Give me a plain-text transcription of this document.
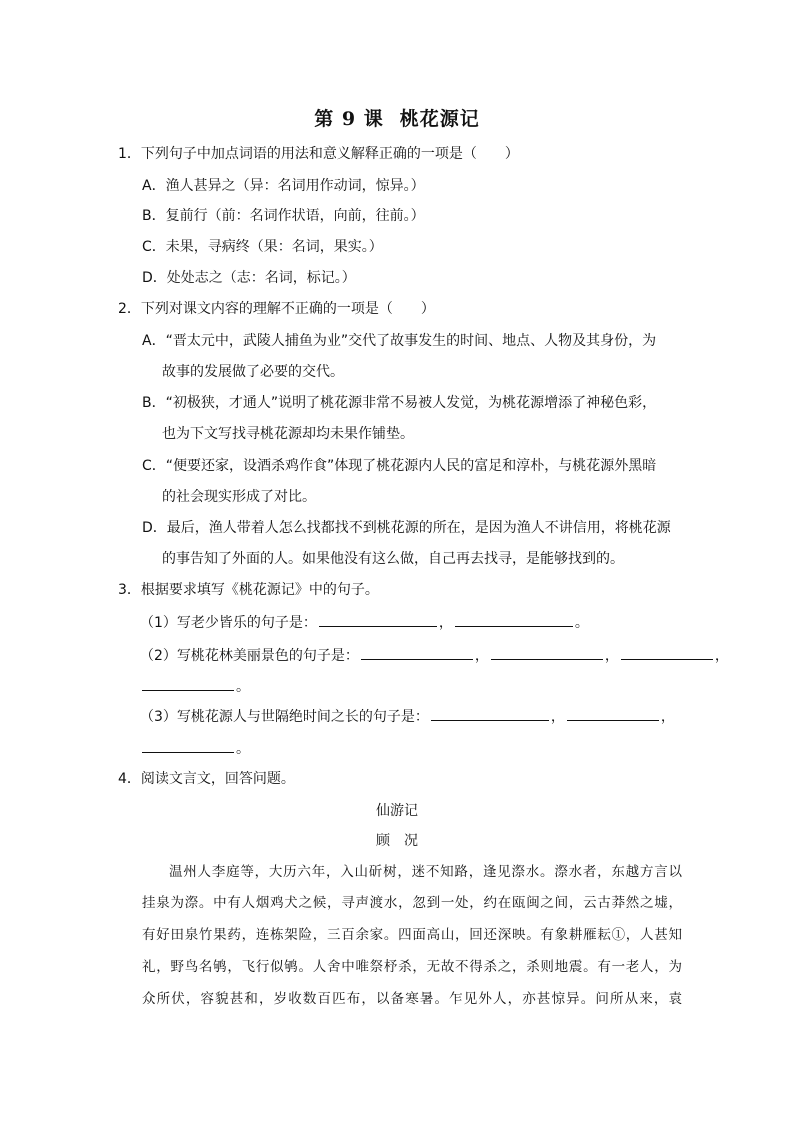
第 9 课 桃花源记
1．下列句子中加点词语的用法和意义解释正确的一项是（　　）
A．渔人甚异之（异：名词用作动词，惊异。）
B．复前行（前：名词作状语，向前，往前。）
C．未果，寻病终（果：名词，果实。）
D．处处志之（志：名词，标记。）
2．下列对课文内容的理解不正确的一项是（　　）
A．“晋太元中，武陵人捕鱼为业”交代了故事发生的时间、地点、人物及其身份，为
故事的发展做了必要的交代。
B．“初极狭，才通人”说明了桃花源非常不易被人发觉，为桃花源增添了神秘色彩，
也为下文写找寻桃花源却均未果作铺垫。
C．“便要还家，设酒杀鸡作食”体现了桃花源内人民的富足和淳朴，与桃花源外黑暗
的社会现实形成了对比。
D．最后，渔人带着人怎么找都找不到桃花源的所在，是因为渔人不讲信用，将桃花源
的事告知了外面的人。如果他没有这么做，自己再去找寻，是能够找到的。
3．根据要求填写《桃花源记》中的句子。
（1）写老少皆乐的句子是：	，	。
（2）写桃花林美丽景色的句子是：	，	，	，
。
（3）写桃花源人与世隔绝时间之长的句子是：	，	，
。
4．阅读文言文，回答问题。
仙游记
顾　况
温州人李庭等，大历六年，入山斫树，迷不知路，逢见漈水。漈水者，东越方言以
挂泉为漈。中有人烟鸡犬之候，寻声渡水，忽到一处，约在瓯闽之间，云古莽然之墟，
有好田泉竹果药，连栋架险，三百余家。四面高山，回还深映。有象耕雁耘①，人甚知
礼，野鸟名鸲，飞行似鸲。人舍中唯祭杼杀，无故不得杀之，杀则地震。有一老人，为
众所伏，容貌甚和，岁收数百匹布，以备寒暑。乍见外人，亦甚惊异。问所从来，袁
